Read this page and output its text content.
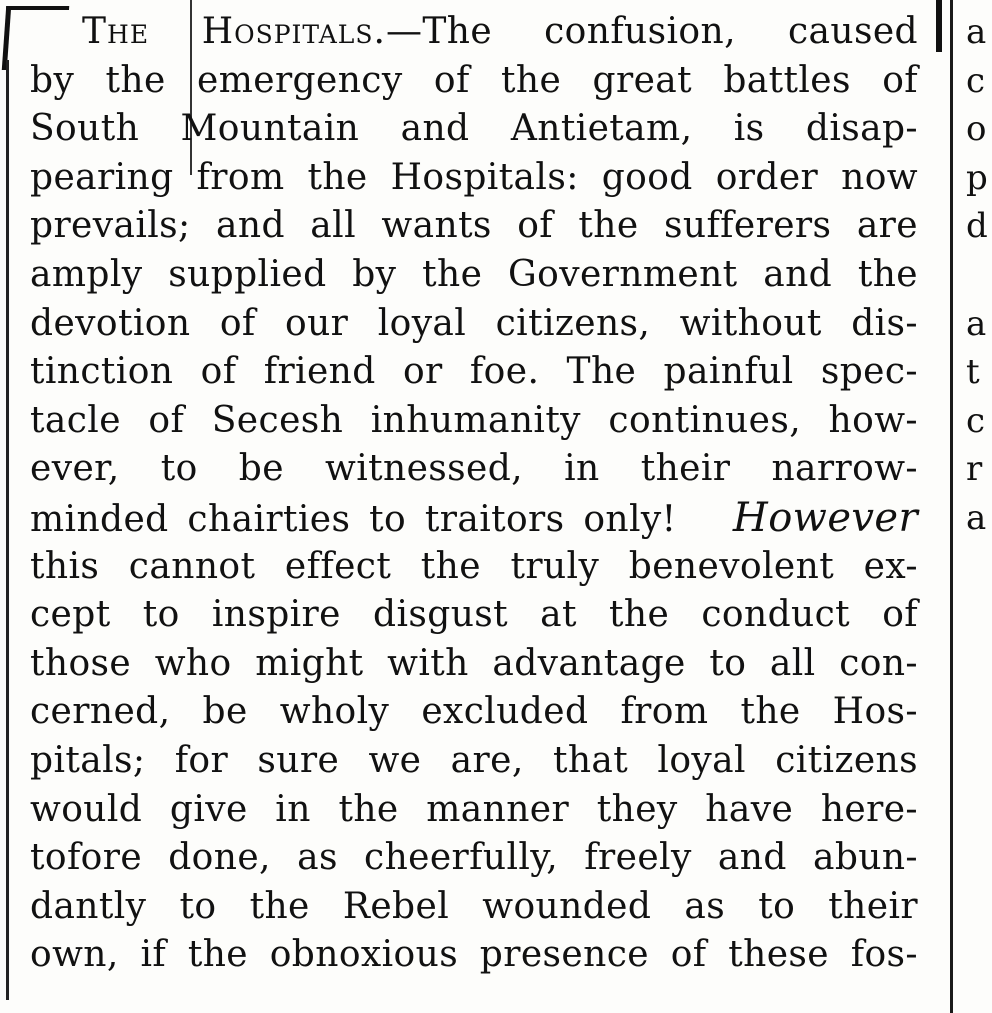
The Hospitals.—The confusion, caused
by the emergency of the great battles of
South Mountain and Antietam, is disap-
pearing from the Hospitals: good order now
prevails; and all wants of the sufferers are
amply supplied by the Government and the
devotion of our loyal citizens, without dis-
tinction of friend or foe. The painful spec-
tacle of Secesh inhumanity continues, how-
ever, to be witnessed, in their narrow-
minded chairties to traitors only! However
this cannot effect the truly benevolent ex-
cept to inspire disgust at the conduct of
those who might with advantage to all con-
cerned, be wholy excluded from the Hos-
pitals; for sure we are, that loyal citizens
would give in the manner they have here-
tofore done, as cheerfully, freely and abun-
dantly to the Rebel wounded as to their
own, if the obnoxious presence of these fos-
a
c
o
p
d
a
t
c
r
a
